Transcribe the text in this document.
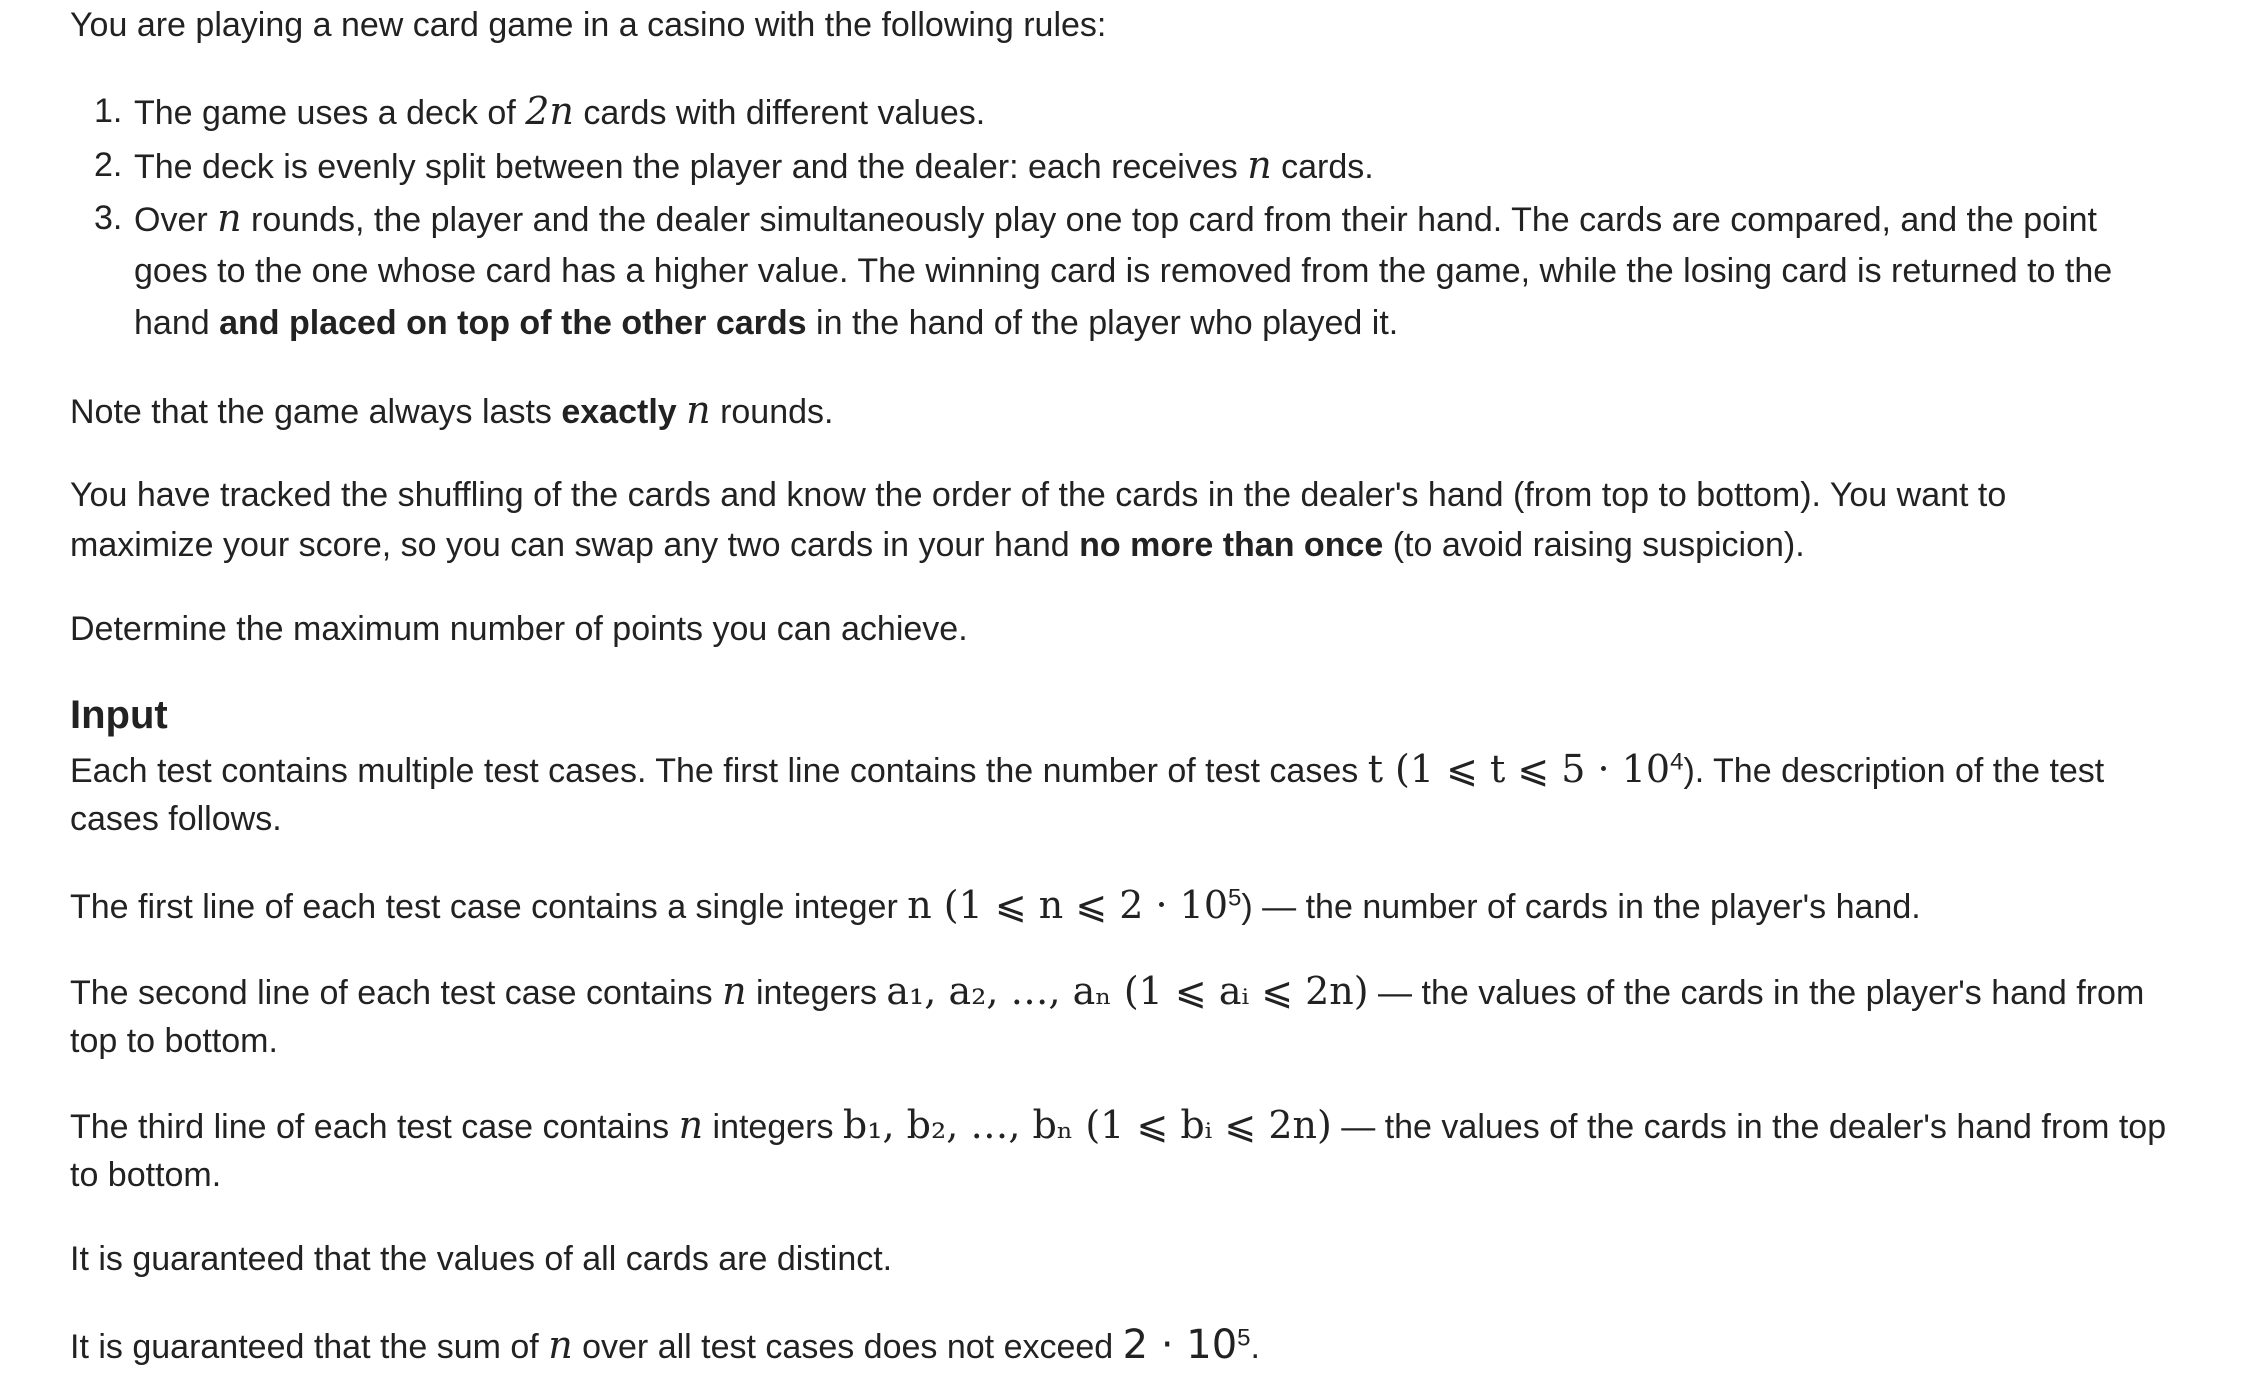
You are playing a new card game in a casino with the following rules:

1. The game uses a deck of 2n cards with different values.
2. The deck is evenly split between the player and the dealer: each receives n cards.
3. Over n rounds, the player and the dealer simultaneously play one top card from their hand. The cards are compared, and the point
goes to the one whose card has a higher value. The winning card is removed from the game, while the losing card is returned to the
hand and placed on top of the other cards in the hand of the player who played it.

Note that the game always lasts exactly n rounds.

You have tracked the shuffling of the cards and know the order of the cards in the dealer's hand (from top to bottom). You want to

maximize your score, so you can swap any two cards in your hand no more than once (to avoid raising suspicion).

Determine the maximum number of points you can achieve.

Input

Each test contains multiple test cases. The first line contains the number of test cases t (1 ⩽ t ⩽ $5 \cdot 10^4$). The description of the test

cases follows.

The first line of each test case contains a single integer n (1 ⩽ n ⩽ $2 \cdot 10^5$) — the number of cards in the player's hand.

The second line of each test case contains n integers a₁, a₂, …, aₙ (1 ⩽ aᵢ ⩽ 2n) — the values of the cards in the player's hand from

top to bottom.

The third line of each test case contains n integers b₁, b₂, …, bₙ (1 ⩽ bᵢ ⩽ 2n) — the values of the cards in the dealer's hand from top

to bottom.

It is guaranteed that the values of all cards are distinct.

It is guaranteed that the sum of n over all test cases does not exceed $2 \cdot 10^5$.
